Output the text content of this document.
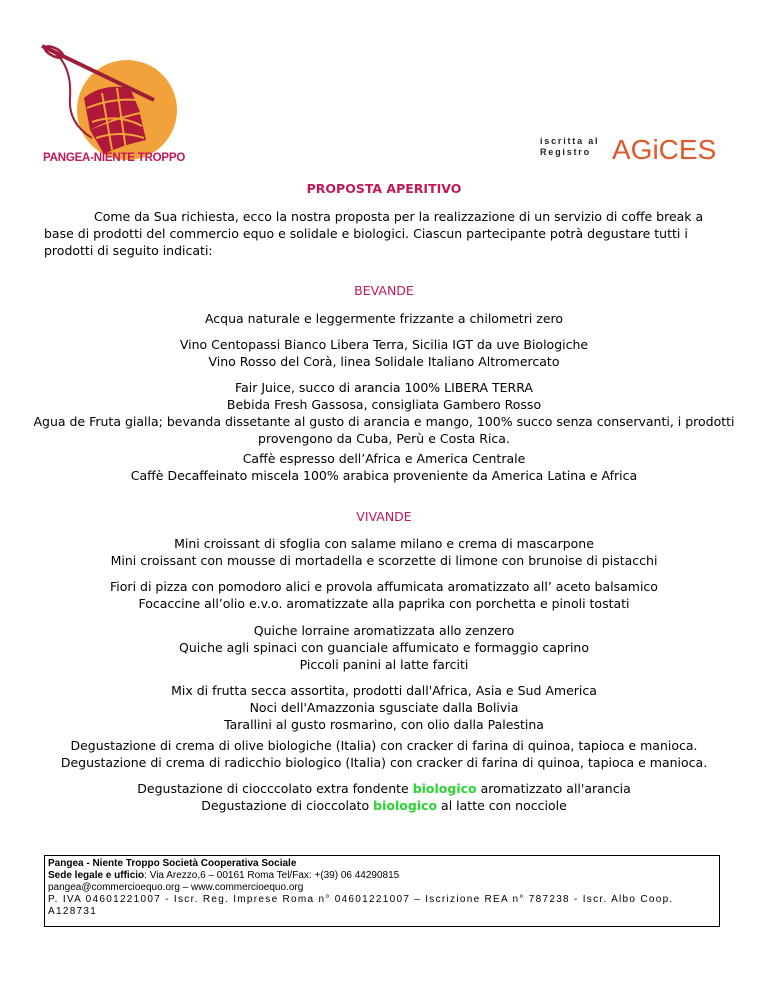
PANGEA-NIENTE TROPPO
iscritta al
Registro AGiCES
PROPOSTA APERITIVO
Come da Sua richiesta, ecco la nostra proposta per la realizzazione di un servizio di coffe break a base di prodotti del commercio equo e solidale e biologici. Ciascun partecipante potrà degustare tutti i prodotti di seguito indicati:
BEVANDE
Acqua naturale e leggermente frizzante a chilometri zero
Vino Centopassi Bianco Libera Terra, Sicilia IGT da uve Biologiche
Vino Rosso del Corà, linea Solidale Italiano Altromercato
Fair Juice, succo di arancia 100% LIBERA TERRA
Bebida Fresh Gassosa, consigliata Gambero Rosso
Agua de Fruta gialla; bevanda dissetante al gusto di arancia e mango, 100% succo senza conservanti, i prodotti
provengono da Cuba, Perù e Costa Rica.
Caffè espresso dell’Africa e America Centrale
Caffè Decaffeinato miscela 100% arabica proveniente da America Latina e Africa
VIVANDE
Mini croissant di sfoglia con salame milano e crema di mascarpone
Mini croissant con mousse di mortadella e scorzette di limone con brunoise di pistacchi
Fiori di pizza con pomodoro alici e provola affumicata aromatizzato all’ aceto balsamico
Focaccine all’olio e.v.o. aromatizzate alla paprika con porchetta e pinoli tostati
Quiche lorraine aromatizzata allo zenzero
Quiche agli spinaci con guanciale affumicato e formaggio caprino
Piccoli panini al latte farciti
Mix di frutta secca assortita, prodotti dall'Africa, Asia e Sud America
Noci dell'Amazzonia sgusciate dalla Bolivia
Tarallini al gusto rosmarino, con olio dalla Palestina
Degustazione di crema di olive biologiche (Italia) con cracker di farina di quinoa, tapioca e manioca.
Degustazione di crema di radicchio biologico (Italia) con cracker di farina di quinoa, tapioca e manioca.
Degustazione di ciocccolato extra fondente biologico aromatizzato all'arancia
Degustazione di cioccolato biologico al latte con nocciole
Pangea - Niente Troppo Società Cooperativa Sociale
Sede legale e ufficio: Via Arezzo,6 – 00161 Roma Tel/Fax: +(39) 06 44290815
pangea@commercioequo.org – www.commercioequo.org
P. IVA 04601221007 - Iscr. Reg. Imprese Roma n° 04601221007 – Iscrizione REA n° 787238 - Iscr. Albo Coop.
A128731
